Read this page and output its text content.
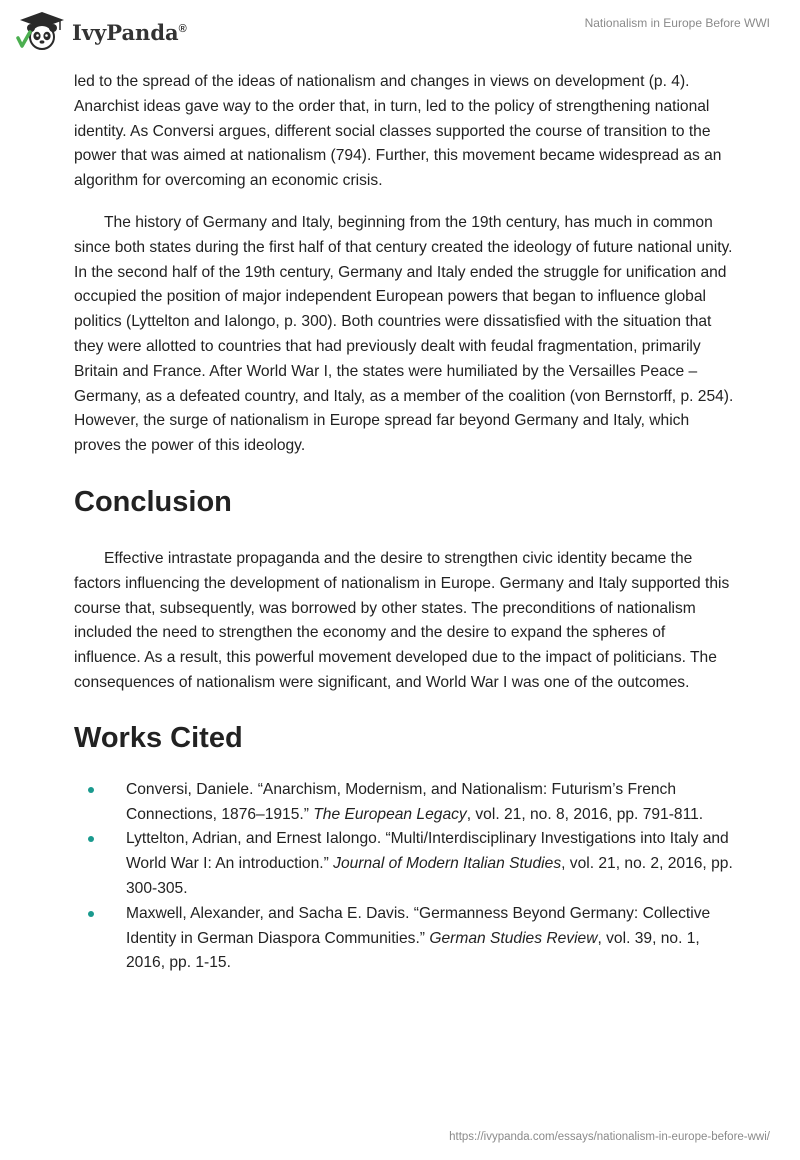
IvyPanda®	Nationalism in Europe Before WWI

led to the spread of the ideas of nationalism and changes in views on development (p. 4). Anarchist ideas gave way to the order that, in turn, led to the policy of strengthening national identity. As Conversi argues, different social classes supported the course of transition to the power that was aimed at nationalism (794). Further, this movement became widespread as an algorithm for overcoming an economic crisis.

The history of Germany and Italy, beginning from the 19th century, has much in common since both states during the first half of that century created the ideology of future national unity. In the second half of the 19th century, Germany and Italy ended the struggle for unification and occupied the position of major independent European powers that began to influence global politics (Lyttelton and Ialongo, p. 300). Both countries were dissatisfied with the situation that they were allotted to countries that had previously dealt with feudal fragmentation, primarily Britain and France. After World War I, the states were humiliated by the Versailles Peace – Germany, as a defeated country, and Italy, as a member of the coalition (von Bernstorff, p. 254). However, the surge of nationalism in Europe spread far beyond Germany and Italy, which proves the power of this ideology.

Conclusion

Effective intrastate propaganda and the desire to strengthen civic identity became the factors influencing the development of nationalism in Europe. Germany and Italy supported this course that, subsequently, was borrowed by other states. The preconditions of nationalism included the need to strengthen the economy and the desire to expand the spheres of influence. As a result, this powerful movement developed due to the impact of politicians. The consequences of nationalism were significant, and World War I was one of the outcomes.

Works Cited
Conversi, Daniele. “Anarchism, Modernism, and Nationalism: Futurism’s French Connections, 1876–1915.” The European Legacy, vol. 21, no. 8, 2016, pp. 791-811.
Lyttelton, Adrian, and Ernest Ialongo. “Multi/Interdisciplinary Investigations into Italy and World War I: An introduction.” Journal of Modern Italian Studies, vol. 21, no. 2, 2016, pp. 300-305.
Maxwell, Alexander, and Sacha E. Davis. “Germanness Beyond Germany: Collective Identity in German Diaspora Communities.” German Studies Review, vol. 39, no. 1, 2016, pp. 1-15.
https://ivypanda.com/essays/nationalism-in-europe-before-wwi/
